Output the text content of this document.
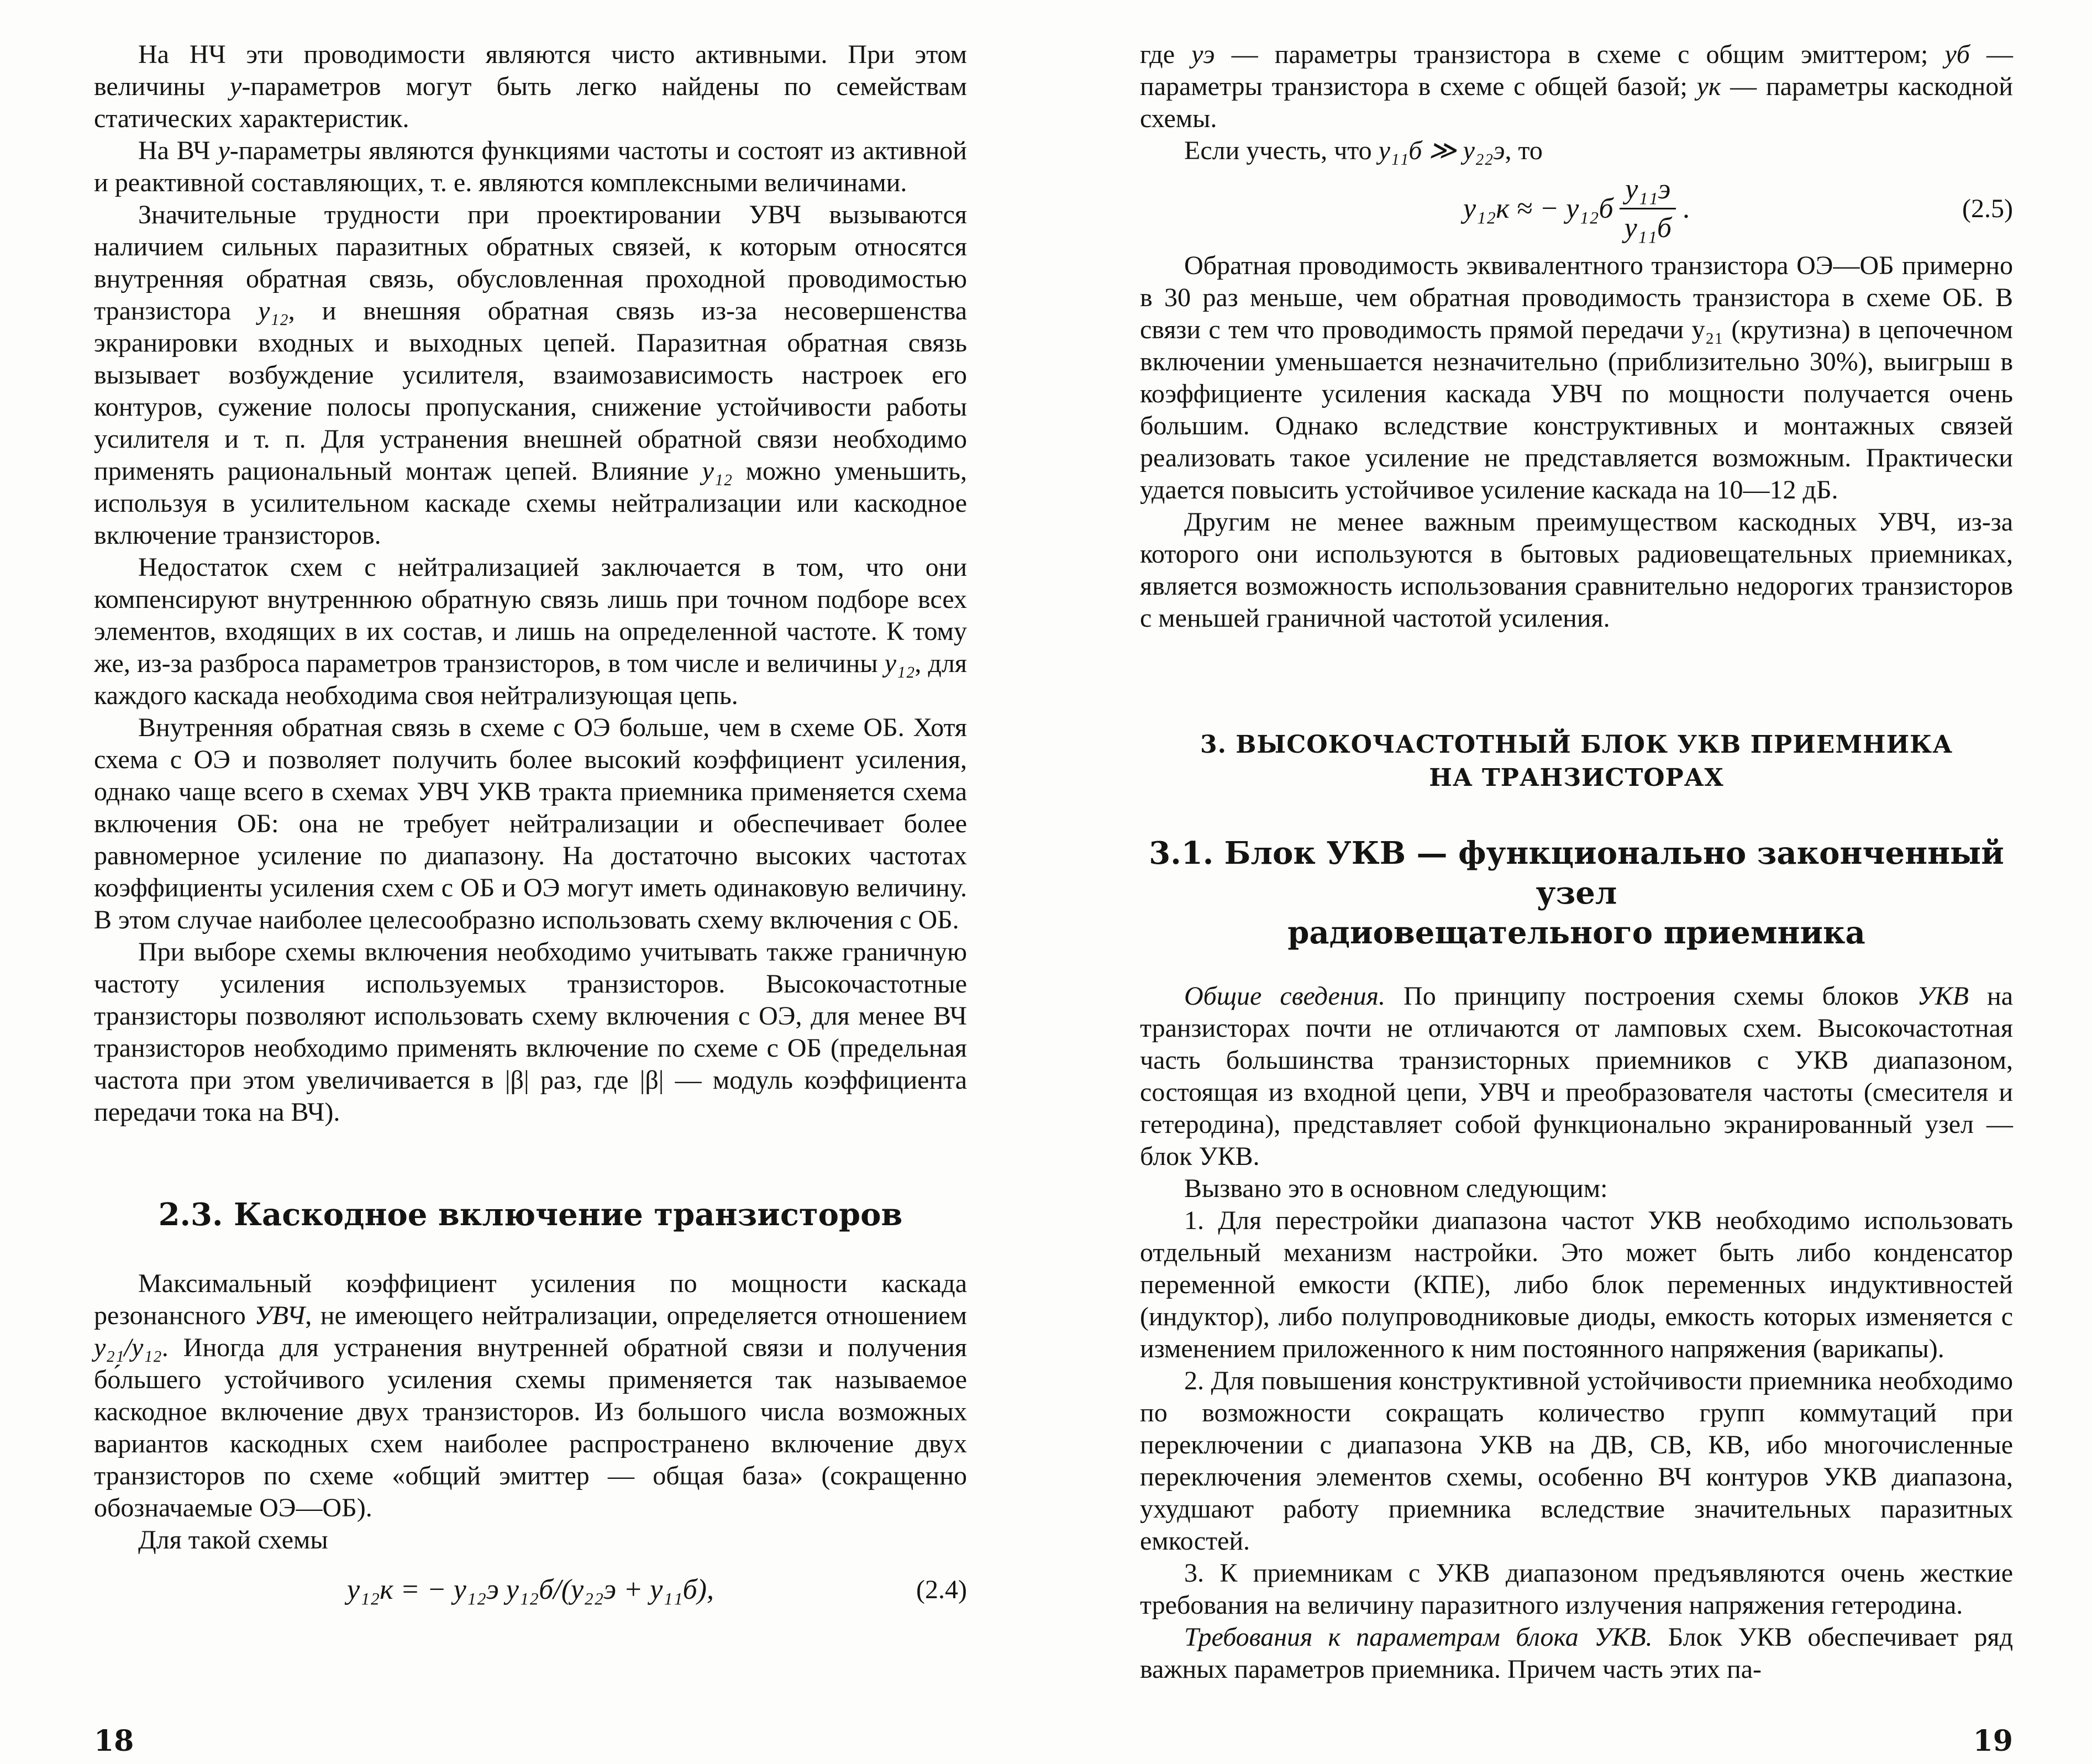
На НЧ эти проводимости являются чисто активными. При этом величины y-параметров могут быть легко найдены по семействам статических характеристик.

На ВЧ y-параметры являются функциями частоты и состоят из активной и реактивной составляющих, т. е. являются комплексными величинами.

Значительные трудности при проектировании УВЧ вызываются наличием сильных паразитных обратных связей, к которым относятся внутренняя обратная связь, обусловленная проходной проводимостью транзистора y₁₂, и внешняя обратная связь из-за несовершенства экранировки входных и выходных цепей. Паразитная обратная связь вызывает возбуждение усилителя, взаимозависимость настроек его контуров, сужение полосы пропускания, снижение устойчивости работы усилителя и т. п. Для устранения внешней обратной связи необходимо применять рациональный монтаж цепей. Влияние y₁₂ можно уменьшить, используя в усилительном каскаде схемы нейтрализации или каскодное включение транзисторов.

Недостаток схем с нейтрализацией заключается в том, что они компенсируют внутреннюю обратную связь лишь при точном подборе всех элементов, входящих в их состав, и лишь на определенной частоте. К тому же, из-за разброса параметров транзисторов, в том числе и величины y₁₂, для каждого каскада необходима своя нейтрализующая цепь.

Внутренняя обратная связь в схеме с ОЭ больше, чем в схеме ОБ. Хотя схема с ОЭ и позволяет получить более высокий коэффициент усиления, однако чаще всего в схемах УВЧ УКВ тракта приемника применяется схема включения ОБ: она не требует нейтрализации и обеспечивает более равномерное усиление по диапазону. На достаточно высоких частотах коэффициенты усиления схем с ОБ и ОЭ могут иметь одинаковую величину. В этом случае наиболее целесообразно использовать схему включения с ОБ.

При выборе схемы включения необходимо учитывать также граничную частоту усиления используемых транзисторов. Высокочастотные транзисторы позволяют использовать схему включения с ОЭ, для менее ВЧ транзисторов необходимо применять включение по схеме с ОБ (предельная частота при этом увеличивается в |β| раз, где |β| — модуль коэффициента передачи тока на ВЧ).

2.3. Каскодное включение транзисторов

Максимальный коэффициент усиления по мощности каскада резонансного УВЧ, не имеющего нейтрализации, определяется отношением y₂₁/y₁₂. Иногда для устранения внутренней обратной связи и получения бо́льшего устойчивого усиления схемы применяется так называемое каскодное включение двух транзисторов. Из большого числа возможных вариантов каскодных схем наиболее распространено включение двух транзисторов по схеме «общий эмиттер — общая база» (сокращенно обозначаемые ОЭ—ОБ).

Для такой схемы

y₁₂к = − y₁₂э y₁₂б/(y₂₂э + y₁₁б),	(2.4)
18

где yэ — параметры транзистора в схеме с общим эмиттером; yб — параметры транзистора в схеме с общей базой; yк — параметры каскодной схемы.

Если учесть, что y₁₁б ≫ y₂₂э, то

y₁₂к ≈ − $y_{12}б \frac{\text{y₁₁э}}{\text{y₁₁б}}$ .	(2.5)

Обратная проводимость эквивалентного транзистора ОЭ—ОБ примерно в 30 раз меньше, чем обратная проводимость транзистора в схеме ОБ. В связи с тем что проводимость прямой передачи y₂₁ (крутизна) в цепочечном включении уменьшается незначительно (приблизительно 30%), выигрыш в коэффициенте усиления каскада УВЧ по мощности получается очень большим. Однако вследствие конструктивных и монтажных связей реализовать такое усиление не представляется возможным. Практически удается повысить устойчивое усиление каскада на 10—12 дБ.

Другим не менее важным преимуществом каскодных УВЧ, из-за которого они используются в бытовых радиовещательных приемниках, является возможность использования сравнительно недорогих транзисторов с меньшей граничной частотой усиления.

3. ВЫСОКОЧАСТОТНЫЙ БЛОК УКВ ПРИЕМНИКА
НА ТРАНЗИСТОРАХ
3.1. Блок УКВ — функционально законченный узел
радиовещательного приемника

Общие сведения. По принципу построения схемы блоков УКВ на транзисторах почти не отличаются от ламповых схем. Высокочастотная часть большинства транзисторных приемников с УКВ диапазоном, состоящая из входной цепи, УВЧ и преобразователя частоты (смесителя и гетеродина), представляет собой функционально экранированный узел — блок УКВ.

Вызвано это в основном следующим:

1. Для перестройки диапазона частот УКВ необходимо использовать отдельный механизм настройки. Это может быть либо конденсатор переменной емкости (КПЕ), либо блок переменных индуктивностей (индуктор), либо полупроводниковые диоды, емкость которых изменяется с изменением приложенного к ним постоянного напряжения (варикапы).

2. Для повышения конструктивной устойчивости приемника необходимо по возможности сокращать количество групп коммутаций при переключении с диапазона УКВ на ДВ, СВ, КВ, ибо многочисленные переключения элементов схемы, особенно ВЧ контуров УКВ диапазона, ухудшают работу приемника вследствие значительных паразитных емкостей.

3. К приемникам с УКВ диапазоном предъявляются очень жесткие требования на величину паразитного излучения напряжения гетеродина.

Требования к параметрам блока УКВ. Блок УКВ обеспечивает ряд важных параметров приемника. Причем часть этих па-

19
